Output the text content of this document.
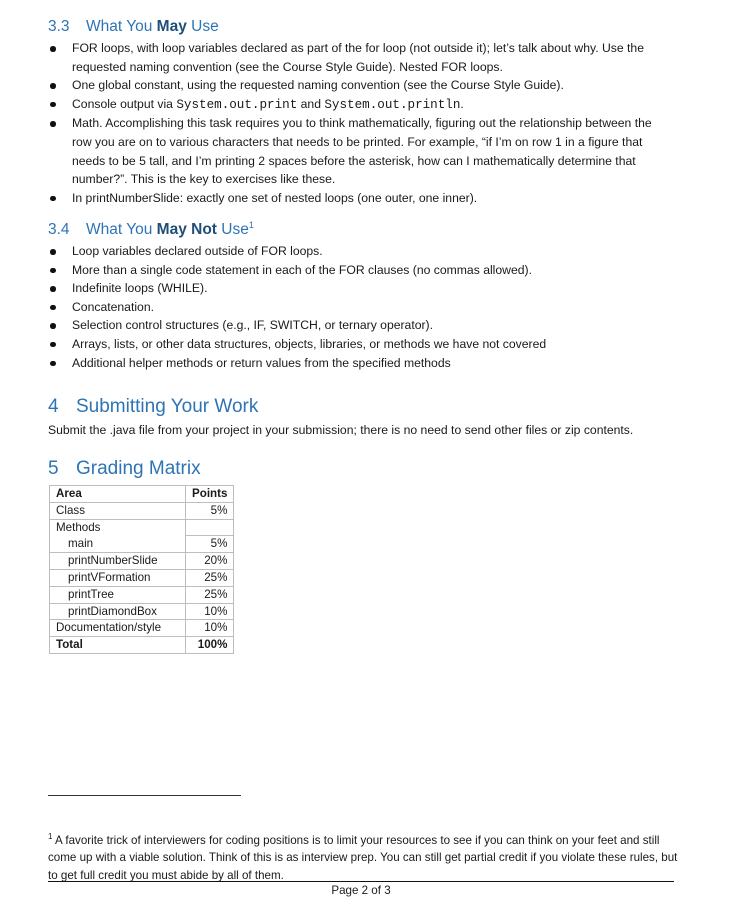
3.3 What You May Use
FOR loops, with loop variables declared as part of the for loop (not outside it); let’s talk about why. Use the requested naming convention (see the Course Style Guide). Nested FOR loops.
One global constant, using the requested naming convention (see the Course Style Guide).
Console output via System.out.print and System.out.println.
Math. Accomplishing this task requires you to think mathematically, figuring out the relationship between the row you are on to various characters that needs to be printed. For example, “if I’m on row 1 in a figure that needs to be 5 tall, and I’m printing 2 spaces before the asterisk, how can I mathematically determine that number?”. This is the key to exercises like these.
In printNumberSlide: exactly one set of nested loops (one outer, one inner).
3.4 What You May Not Use$^1$
Loop variables declared outside of FOR loops.
More than a single code statement in each of the FOR clauses (no commas allowed).
Indefinite loops (WHILE).
Concatenation.
Selection control structures (e.g., IF, SWITCH, or ternary operator).
Arrays, lists, or other data structures, objects, libraries, or methods we have not covered
Additional helper methods or return values from the specified methods
4 Submitting Your Work

Submit the .java file from your project in your submission; there is no need to send other files or zip contents.

5 Grading Matrix
Area	Points
Class	5%
Methods	
main	5%
printNumberSlide	20%
printVFormation	25%
printTree	25%
printDiamondBox	10%
Documentation/style	10%
Total	100%

$^1$ A favorite trick of interviewers for coding positions is to limit your resources to see if you can think on your feet and still come up with a viable solution. Think of this is as interview prep. You can still get partial credit if you violate these rules, but to get full credit you must abide by all of them.

Page 2 of 3
